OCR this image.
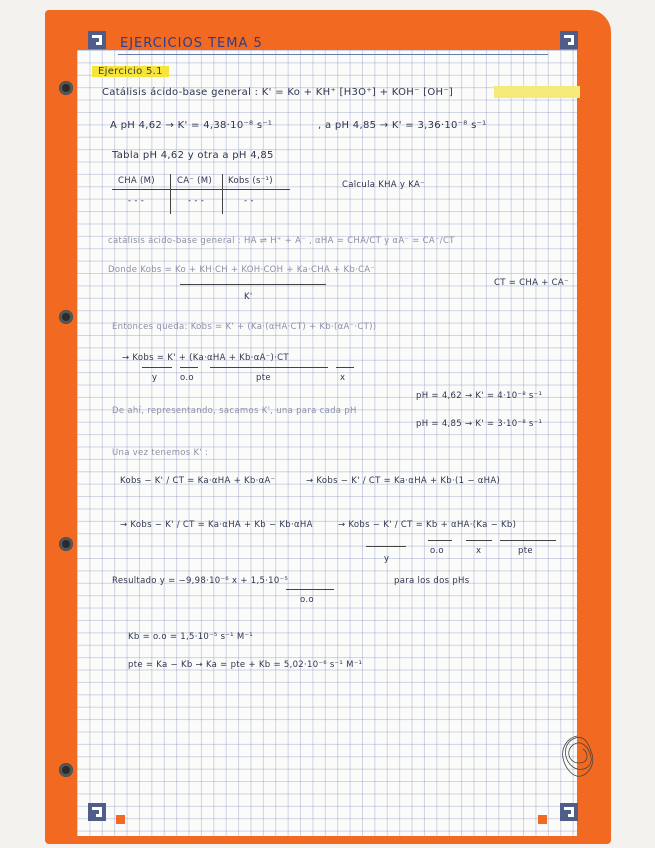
EJERCICIOS TEMA 5
Ejercicio 5.1
Catálisis ácido-base general : K' = Ko + KH⁺ [H3O⁺] + KOH⁻ [OH⁻]
A pH 4,62 → K' = 4,38·10⁻⁸ s⁻¹	, a pH 4,85 → K' = 3,36·10⁻⁸ s⁻¹
Tabla pH 4,62 y otra a pH 4,85
CHA (M)	CA⁻ (M) Kobs (s⁻¹)
- - -	- - -	- -
Calcula KHA y KA⁻
catálisis ácido-base general : HA ⇌ H⁺ + A⁻ , αHA = CHA/CT y αA⁻ = CA⁻/CT
CT = CHA + CA⁻
Donde Kobs = Ko + KH·CH + KOH·COH + Ka·CHA + Kb·CA⁻
K'
Entonces queda: Kobs = K' + (Ka·(αHA·CT) + Kb·(αA⁻·CT))
→ Kobs = K' + (Ka·αHA + Kb·αA⁻)·CT
y	o.o	pte	x
De ahí, representando, sacamos K', una para cada pH
pH = 4,62 → K' = 4·10⁻⁸ s⁻¹
pH = 4,85 → K' = 3·10⁻⁸ s⁻¹
Una vez tenemos K' :
Kobs − K' / CT = Ka·αHA + Kb·αA⁻	→ Kobs − K' / CT = Ka·αHA + Kb·(1 − αHA)
→ Kobs − K' / CT = Ka·αHA + Kb − Kb·αHA	→ Kobs − K' / CT = Kb + αHA·(Ka − Kb)
y
o.o	x	pte
Resultado y = −9,98·10⁻⁶ x + 1,5·10⁻⁵
o.o
para los dos pHs
Kb = o.o = 1,5·10⁻⁵ s⁻¹ M⁻¹
pte = Ka − Kb → Ka = pte + Kb = 5,02·10⁻⁶ s⁻¹ M⁻¹
